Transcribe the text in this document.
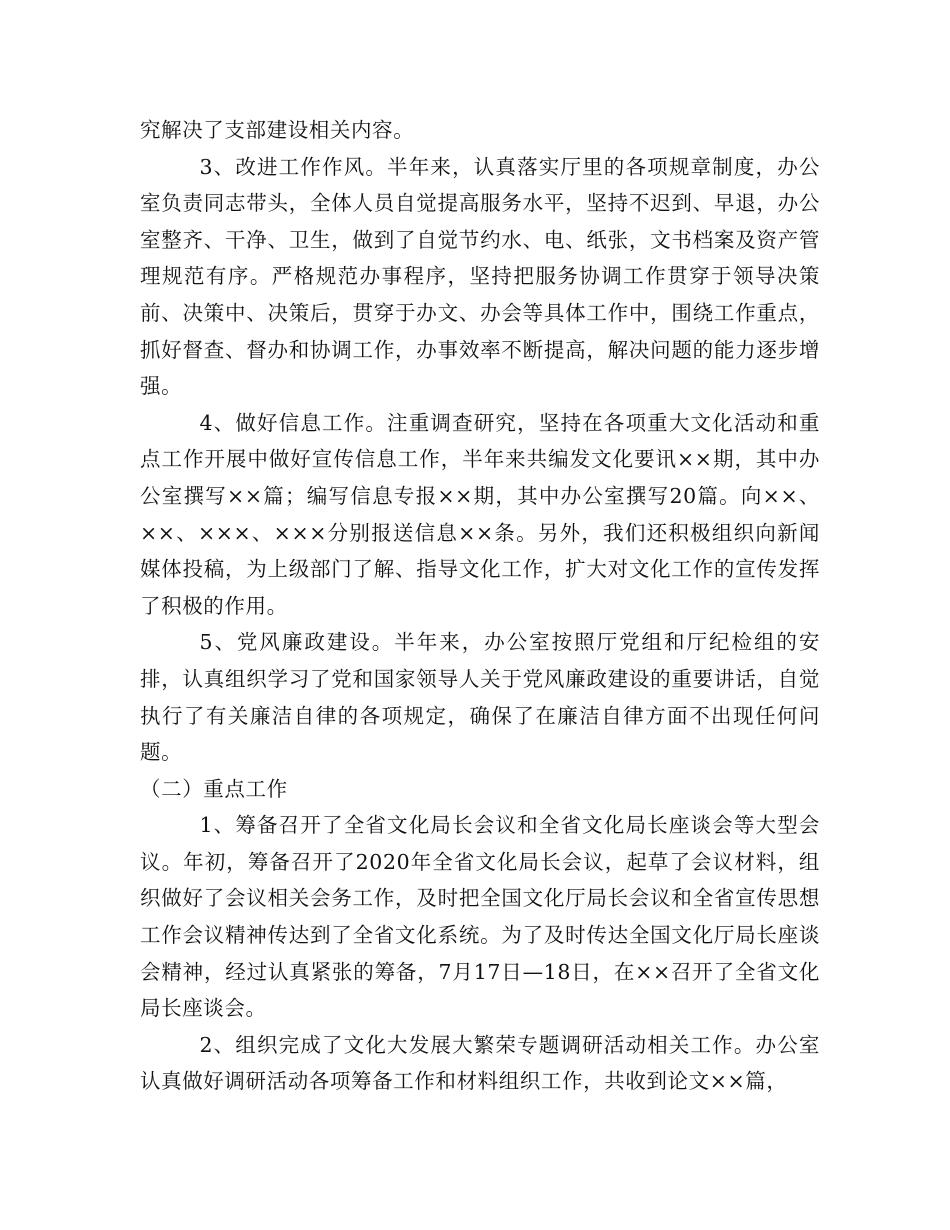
究解决了支部建设相关内容。

3、改进工作作风。半年来，认真落实厅里的各项规章制度，办公室负责同志带头，全体人员自觉提高服务水平，坚持不迟到、早退，办公室整齐、干净、卫生，做到了自觉节约水、电、纸张，文书档案及资产管理规范有序。严格规范办事程序，坚持把服务协调工作贯穿于领导决策前、决策中、决策后，贯穿于办文、办会等具体工作中，围绕工作重点，抓好督查、督办和协调工作，办事效率不断提高，解决问题的能力逐步增强。

4、做好信息工作。注重调查研究，坚持在各项重大文化活动和重点工作开展中做好宣传信息工作，半年来共编发文化要讯××期，其中办公室撰写××篇；编写信息专报××期，其中办公室撰写20篇。向××、××、×××、×××分别报送信息××条。另外，我们还积极组织向新闻媒体投稿，为上级部门了解、指导文化工作，扩大对文化工作的宣传发挥了积极的作用。

5、党风廉政建设。半年来，办公室按照厅党组和厅纪检组的安排，认真组织学习了党和国家领导人关于党风廉政建设的重要讲话，自觉执行了有关廉洁自律的各项规定，确保了在廉洁自律方面不出现任何问题。

（二）重点工作

1、筹备召开了全省文化局长会议和全省文化局长座谈会等大型会议。年初，筹备召开了2020年全省文化局长会议，起草了会议材料，组织做好了会议相关会务工作，及时把全国文化厅局长会议和全省宣传思想工作会议精神传达到了全省文化系统。为了及时传达全国文化厅局长座谈会精神，经过认真紧张的筹备，7月17日—18日，在××召开了全省文化局长座谈会。

2、组织完成了文化大发展大繁荣专题调研活动相关工作。办公室认真做好调研活动各项筹备工作和材料组织工作，共收到论文××篇，
